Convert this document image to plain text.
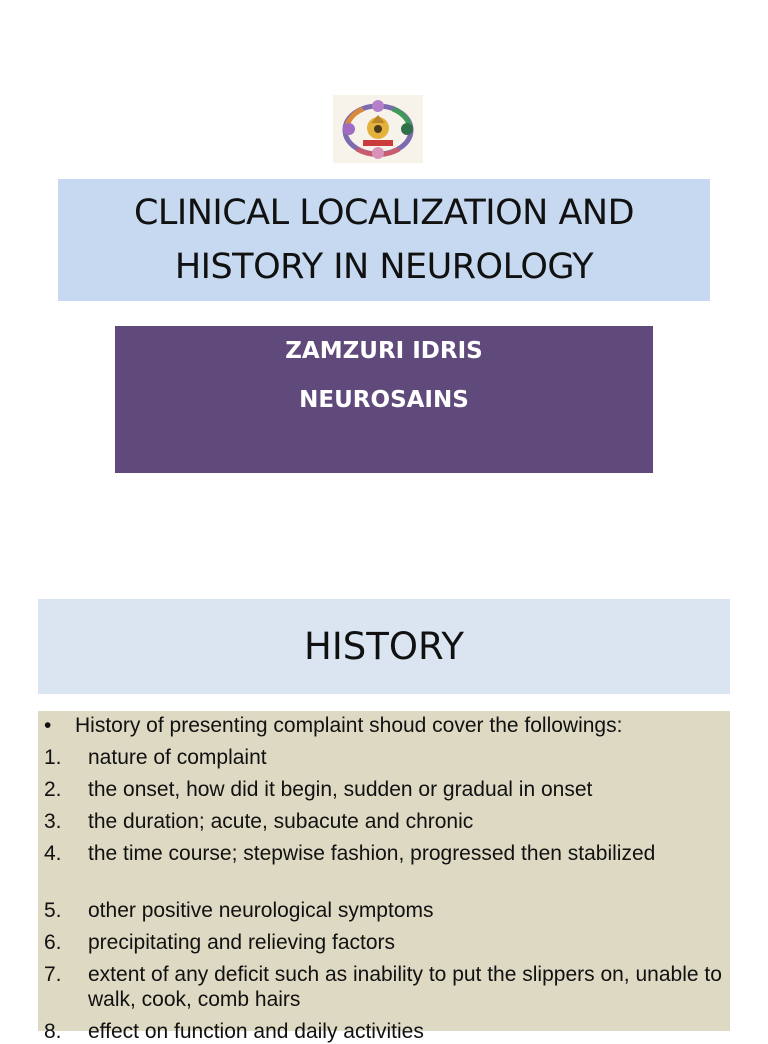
CLINICAL LOCALIZATION AND
HISTORY IN NEUROLOGY
ZAMZURI IDRIS
NEUROSAINS
HISTORY
• History of presenting complaint shoud cover the followings:
1.	nature of complaint
2.	the onset, how did it begin, sudden or gradual in onset
3.	the duration; acute, subacute and chronic
4.	the time course; stepwise fashion, progressed then stabilized
5.	other positive neurological symptoms
6.	precipitating and relieving factors
7.	extent of any deficit such as inability to put the slippers on, unable to walk, cook, comb hairs
8.	effect on function and daily activities
